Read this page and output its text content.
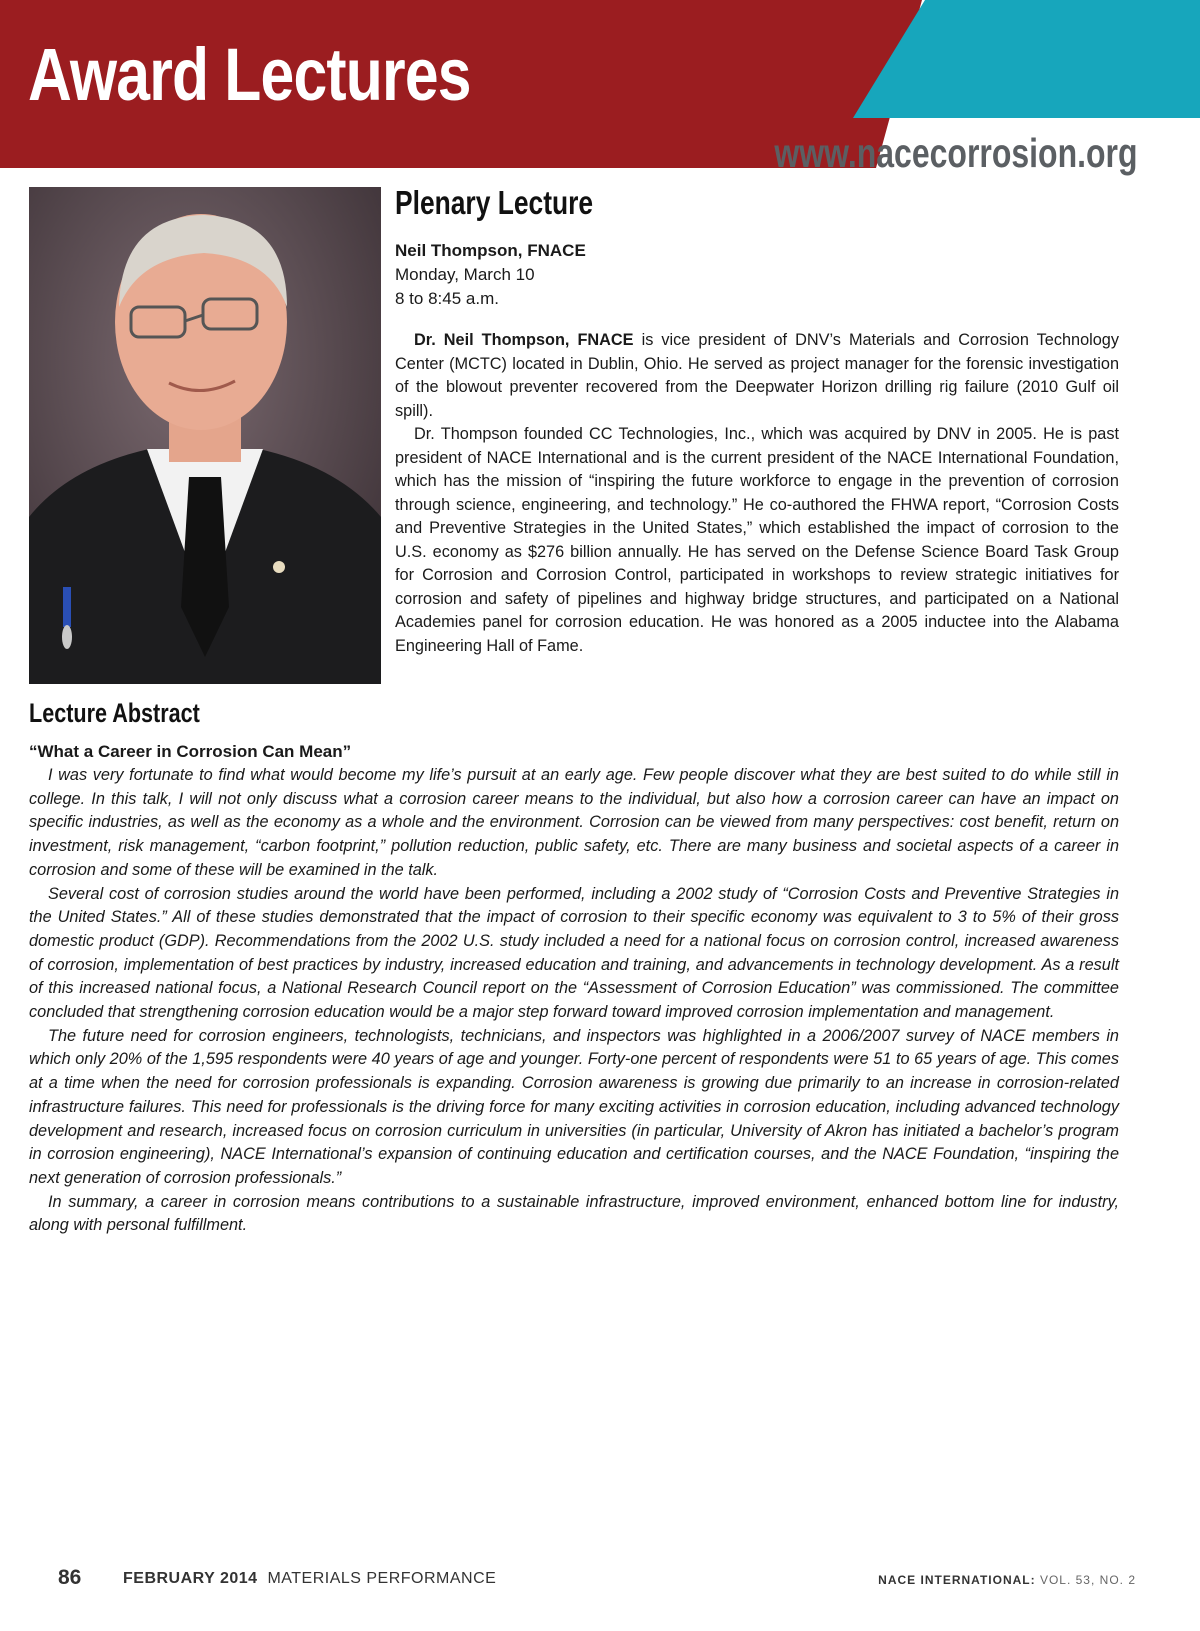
Award Lectures
www.nacecorrosion.org
Plenary Lecture
Neil Thompson, FNACE
Monday, March 10
8 to 8:45 a.m.

Dr. Neil Thompson, FNACE is vice president of DNV’s Materials and Corrosion Technology Center (MCTC) located in Dublin, Ohio. He served as project manager for the forensic investigation of the blowout preventer recovered from the Deepwater Horizon drilling rig failure (2010 Gulf oil spill).

Dr. Thompson founded CC Technologies, Inc., which was acquired by DNV in 2005. He is past president of NACE International and is the current president of the NACE International Foundation, which has the mission of “inspiring the future workforce to engage in the prevention of corrosion through science, engineering, and technology.” He co-authored the FHWA report, “Corrosion Costs and Preventive Strategies in the United States,” which established the impact of corrosion to the U.S. economy as $276 billion annually. He has served on the Defense Science Board Task Group for Corrosion and Corrosion Control, participated in workshops to review strategic initiatives for corrosion and safety of pipelines and highway bridge structures, and participated on a National Academies panel for corrosion education. He was honored as a 2005 inductee into the Alabama Engineering Hall of Fame.

Lecture Abstract
“What a Career in Corrosion Can Mean”

I was very fortunate to find what would become my life’s pursuit at an early age. Few people discover what they are best suited to do while still in college. In this talk, I will not only discuss what a corrosion career means to the individual, but also how a corrosion career can have an impact on specific industries, as well as the economy as a whole and the environment. Corrosion can be viewed from many perspectives: cost benefit, return on investment, risk management, “carbon footprint,” pollution reduction, public safety, etc. There are many business and societal aspects of a career in corrosion and some of these will be examined in the talk.

Several cost of corrosion studies around the world have been performed, including a 2002 study of “Corrosion Costs and Preventive Strategies in the United States.” All of these studies demonstrated that the impact of corrosion to their specific economy was equivalent to 3 to 5% of their gross domestic product (GDP). Recommendations from the 2002 U.S. study included a need for a national focus on corrosion control, increased awareness of corrosion, implementation of best practices by industry, increased education and training, and advancements in technology development. As a result of this increased national focus, a National Research Council report on the “Assessment of Corrosion Education” was commissioned. The committee concluded that strengthening corrosion education would be a major step forward toward improved corrosion implementation and management.

The future need for corrosion engineers, technologists, technicians, and inspectors was highlighted in a 2006/2007 survey of NACE members in which only 20% of the 1,595 respondents were 40 years of age and younger. Forty-one percent of respondents were 51 to 65 years of age. This comes at a time when the need for corrosion professionals is expanding. Corrosion awareness is growing due primarily to an increase in corrosion-related infrastructure failures. This need for professionals is the driving force for many exciting activities in corrosion education, including advanced technology development and research, increased focus on corrosion curriculum in universities (in particular, University of Akron has initiated a bachelor’s program in corrosion engineering), NACE International’s expansion of continuing education and certification courses, and the NACE Foundation, “inspiring the next generation of corrosion professionals.”

In summary, a career in corrosion means contributions to a sustainable infrastructure, improved environment, enhanced bottom line for industry, along with personal fulfillment.

86	FEBRUARY 2014 MATERIALS PERFORMANCE	NACE INTERNATIONAL: VOL. 53, NO. 2
